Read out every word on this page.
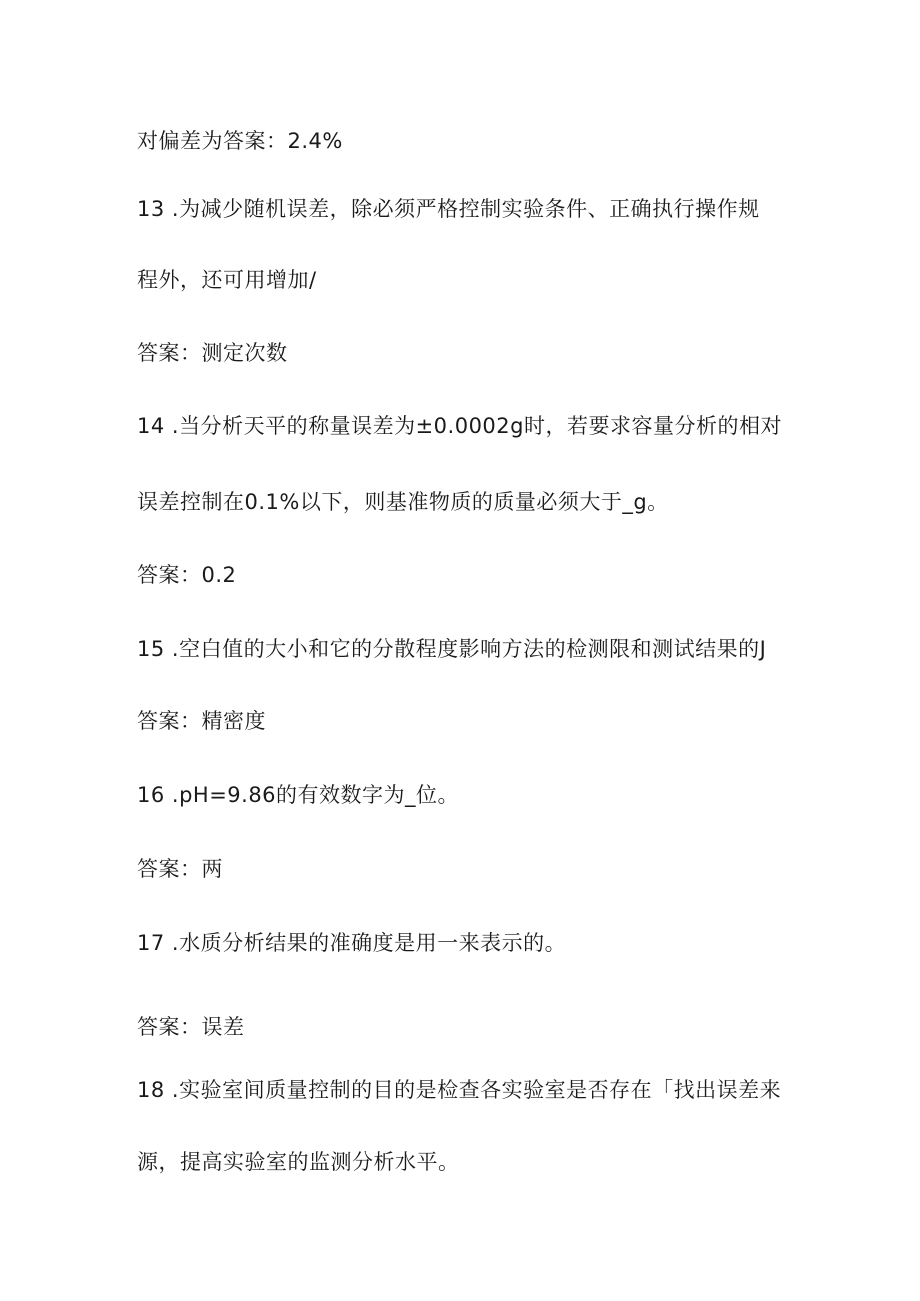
对偏差为答案：2.4%
13 .为减少随机误差，除必须严格控制实验条件、正确执行操作规
程外，还可用增加/
答案：测定次数
14 .当分析天平的称量误差为±0.0002g时，若要求容量分析的相对
误差控制在0.1%以下，则基准物质的质量必须大于_g。
答案：0.2
15 .空白值的大小和它的分散程度影响方法的检测限和测试结果的J
答案：精密度
16 .pH=9.86的有效数字为_位。
答案：两
17 .水质分析结果的准确度是用一来表示的。
答案：误差
18 .实验室间质量控制的目的是检查各实验室是否存在「找出误差来
源，提高实验室的监测分析水平。
